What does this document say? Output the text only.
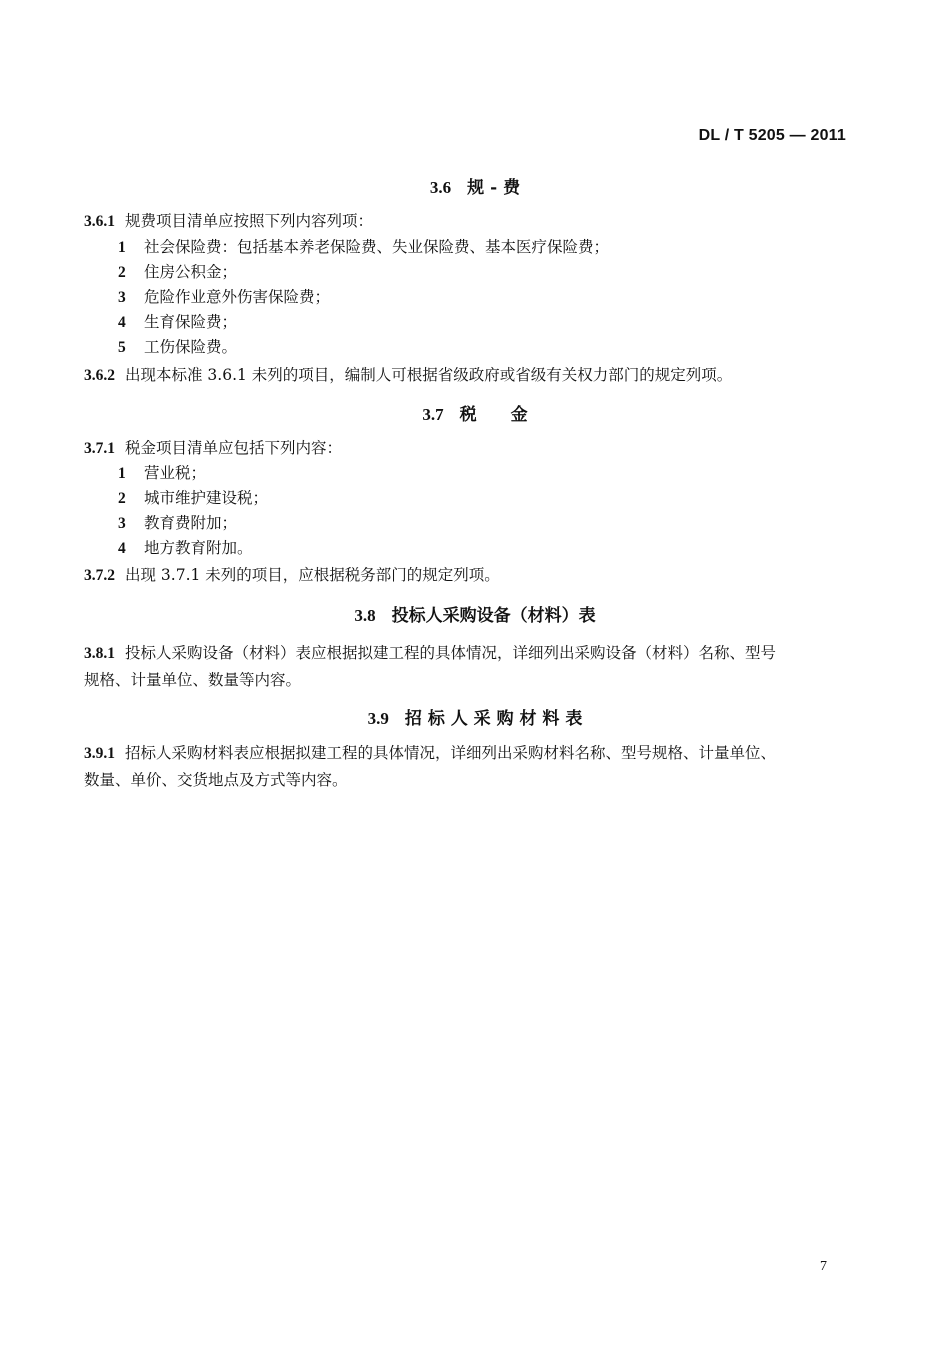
DL / T 5205 — 2011
3.6 规 ‐ 费
3.6.1 规费项目清单应按照下列内容列项：
1 社会保险费：包括基本养老保险费、失业保险费、基本医疗保险费；
2 住房公积金；
3 危险作业意外伤害保险费；
4 生育保险费；
5 工伤保险费。
3.6.2 出现本标准 3.6.1 未列的项目，编制人可根据省级政府或省级有关权力部门的规定列项。
3.7 税　　金
3.7.1 税金项目清单应包括下列内容：
1 营业税；
2 城市维护建设税；
3 教育费附加；
4 地方教育附加。
3.7.2 出现 3.7.1 未列的项目，应根据税务部门的规定列项。
3.8 投标人采购设备（材料）表
3.8.1 投标人采购设备（材料）表应根据拟建工程的具体情况，详细列出采购设备（材料）名称、型号
规格、计量单位、数量等内容。
3.9 招 标 人 采 购 材 料 表
3.9.1 招标人采购材料表应根据拟建工程的具体情况，详细列出采购材料名称、型号规格、计量单位、
数量、单价、交货地点及方式等内容。
7
